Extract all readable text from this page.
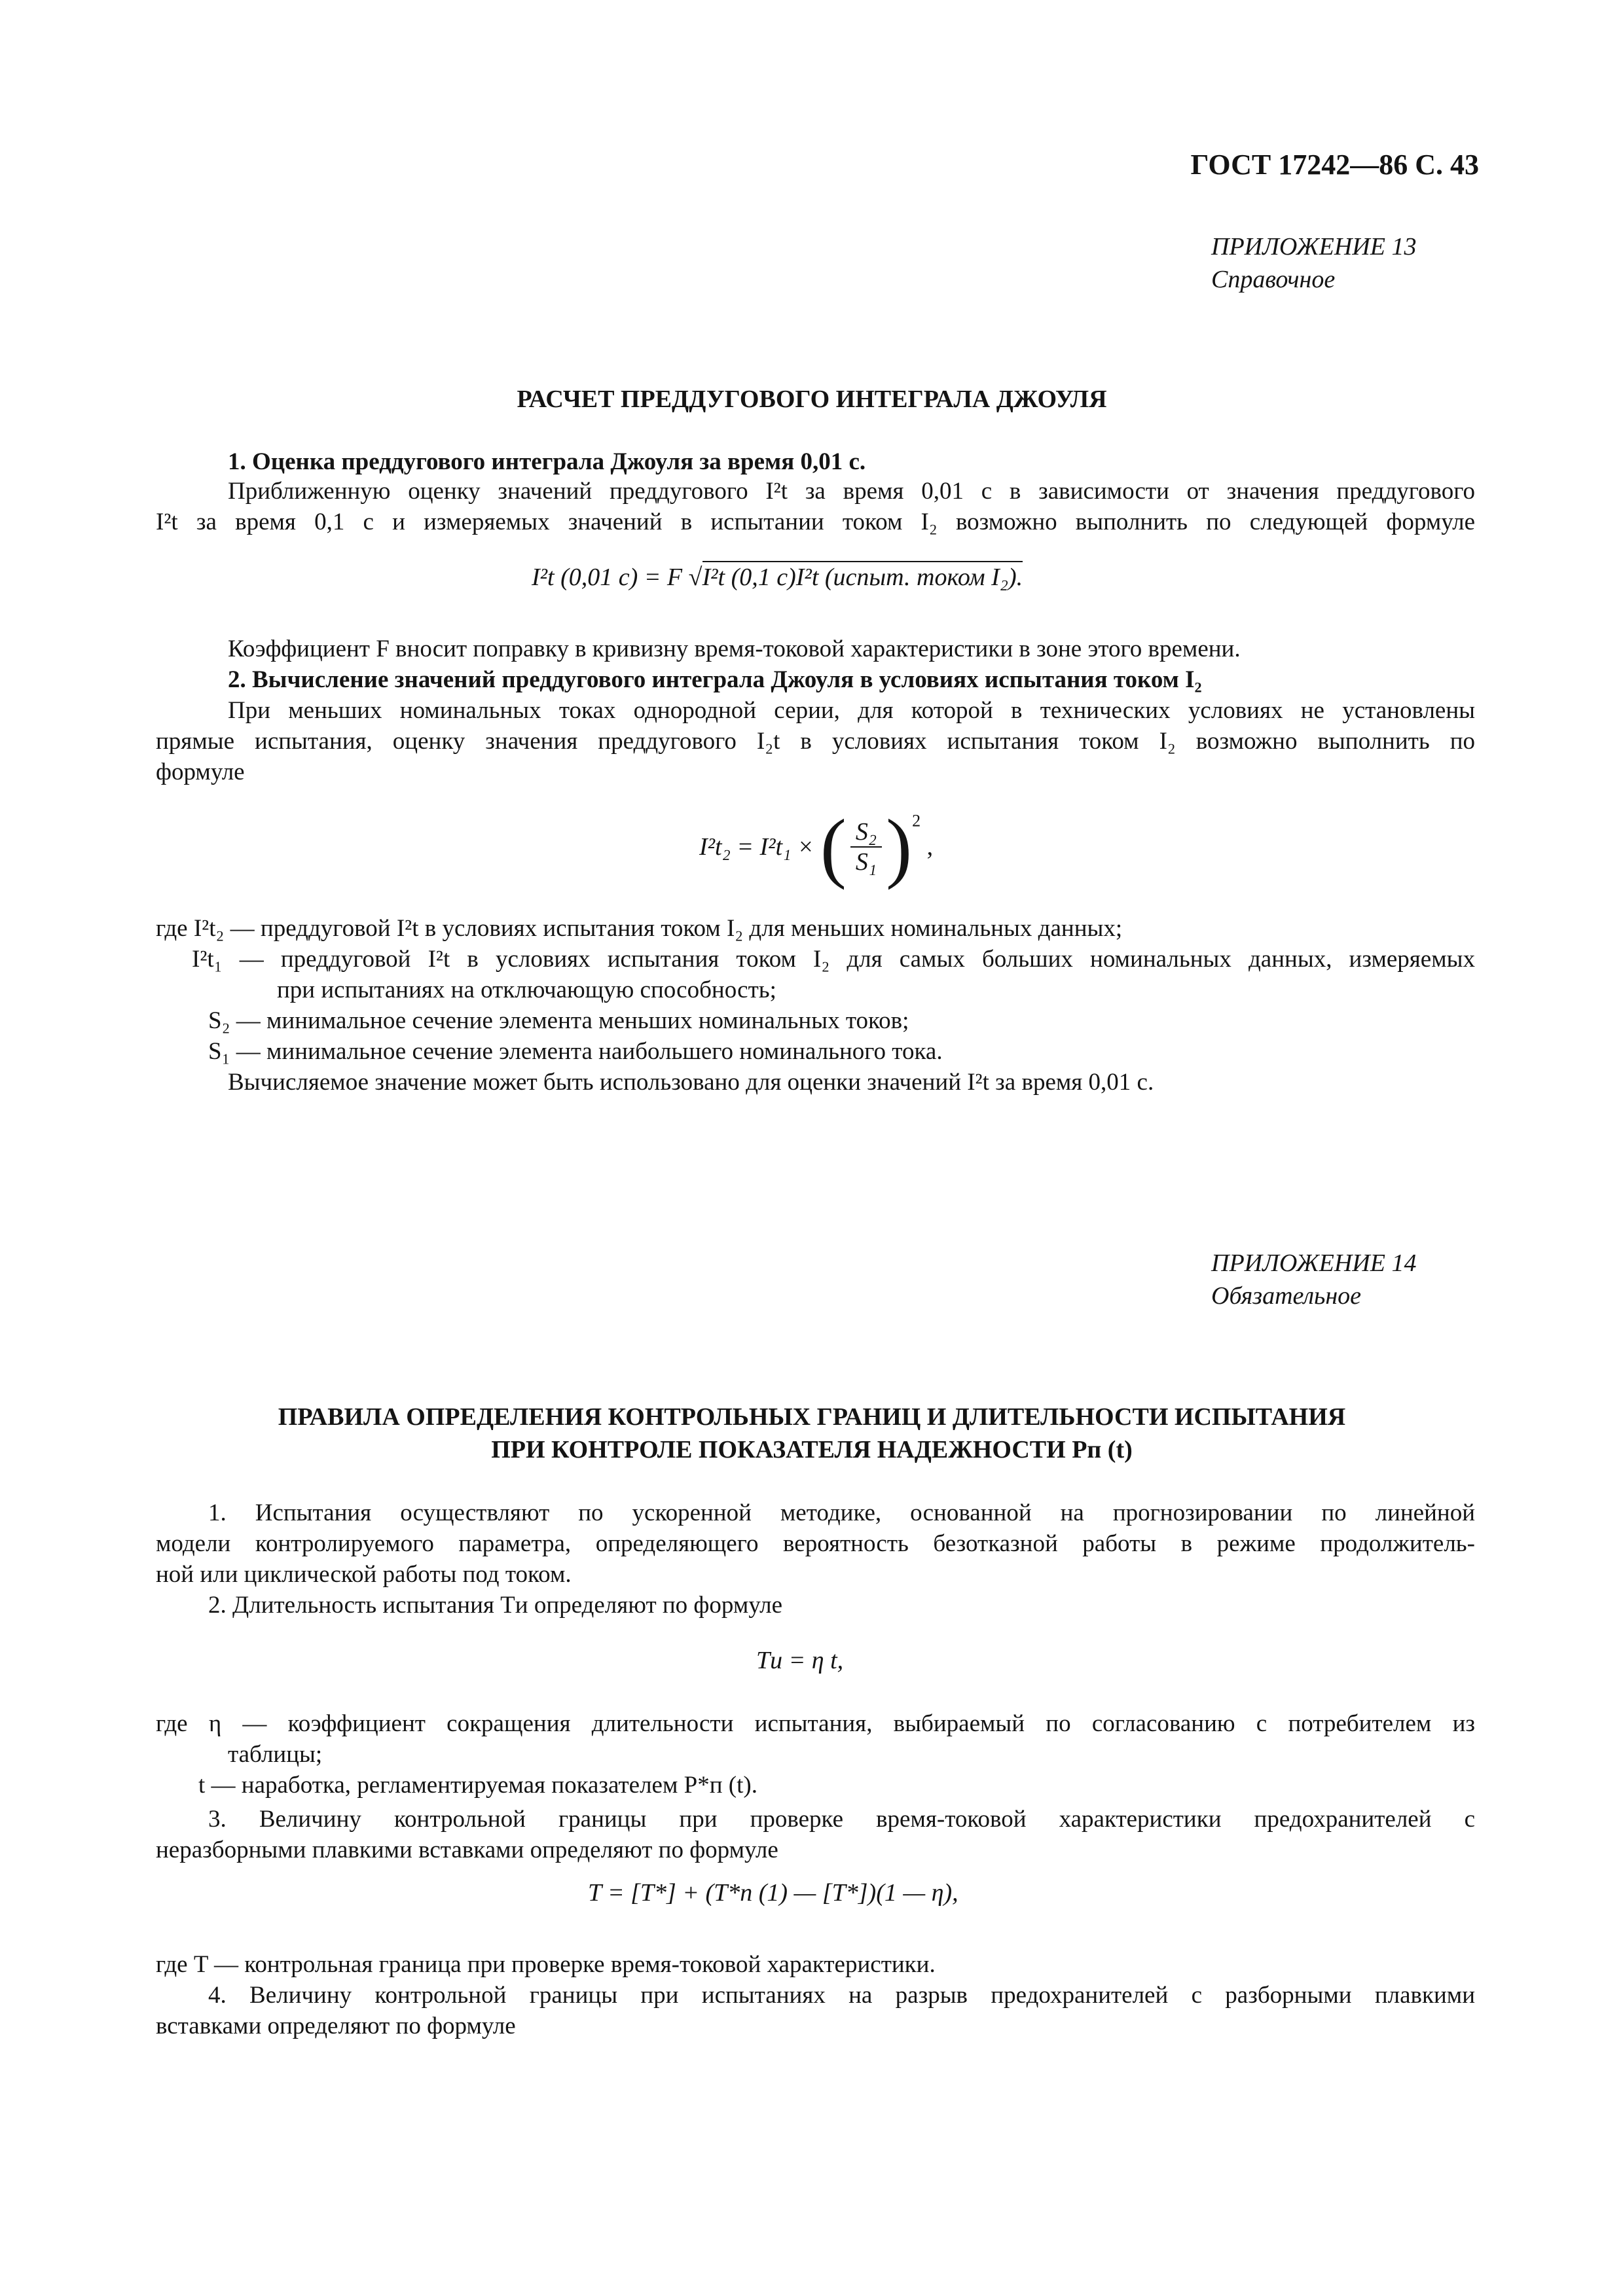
ГОСТ 17242—86 С. 43
ПРИЛОЖЕНИЕ 13
Справочное
РАСЧЕТ ПРЕДДУГОВОГО ИНТЕГРАЛА ДЖОУЛЯ
1. Оценка преддугового интеграла Джоуля за время 0,01 с.
Приближенную оценку значений преддугового I²t за время 0,01 с в зависимости от значения преддугового
I²t за время 0,1 с и измеряемых значений в испытании током I₂ возможно выполнить по следующей формуле
I²t (0,01 с) = F √I²t (0,1 с)I²t (испыт. током I₂).
Коэффициент F вносит поправку в кривизну время-токовой характеристики в зоне этого времени.
2. Вычисление значений преддугового интеграла Джоуля в условиях испытания током I₂
При меньших номинальных токах однородной серии, для которой в технических условиях не установлены
прямые испытания, оценку значения преддугового I₂t в условиях испытания током I₂ возможно выполнить по
формуле
I²t₂ = I²t₁ × ( $\frac{\text{S₂}}{\text{S₁}} )^2$ ,
где I²t₂ — преддуговой I²t в условиях испытания током I₂ для меньших номинальных данных;
I²t₁ — преддуговой I²t в условиях испытания током I₂ для самых больших номинальных данных, измеряемых
при испытаниях на отключающую способность;
S₂ — минимальное сечение элемента меньших номинальных токов;
S₁ — минимальное сечение элемента наибольшего номинального тока.
Вычисляемое значение может быть использовано для оценки значений I²t за время 0,01 с.
ПРИЛОЖЕНИЕ 14
Обязательное
ПРАВИЛА ОПРЕДЕЛЕНИЯ КОНТРОЛЬНЫХ ГРАНИЦ И ДЛИТЕЛЬНОСТИ ИСПЫТАНИЯ
ПРИ КОНТРОЛЕ ПОКАЗАТЕЛЯ НАДЕЖНОСТИ Pп (t)
1. Испытания осуществляют по ускоренной методике, основанной на прогнозировании по линейной
модели контролируемого параметра, определяющего вероятность безотказной работы в режиме продолжитель-
ной или циклической работы под током.
2. Длительность испытания Tи определяют по формуле
Tи = η t,
где η — коэффициент сокращения длительности испытания, выбираемый по согласованию с потребителем из
таблицы;
t — наработка, регламентируемая показателем P*п (t).
3. Величину контрольной границы при проверке время-токовой характеристики предохранителей с
неразборными плавкими вставками определяют по формуле
T = [T*] + (T*п (1) — [T*])(1 — η),
где T — контрольная граница при проверке время-токовой характеристики.
4. Величину контрольной границы при испытаниях на разрыв предохранителей с разборными плавкими
вставками определяют по формуле
